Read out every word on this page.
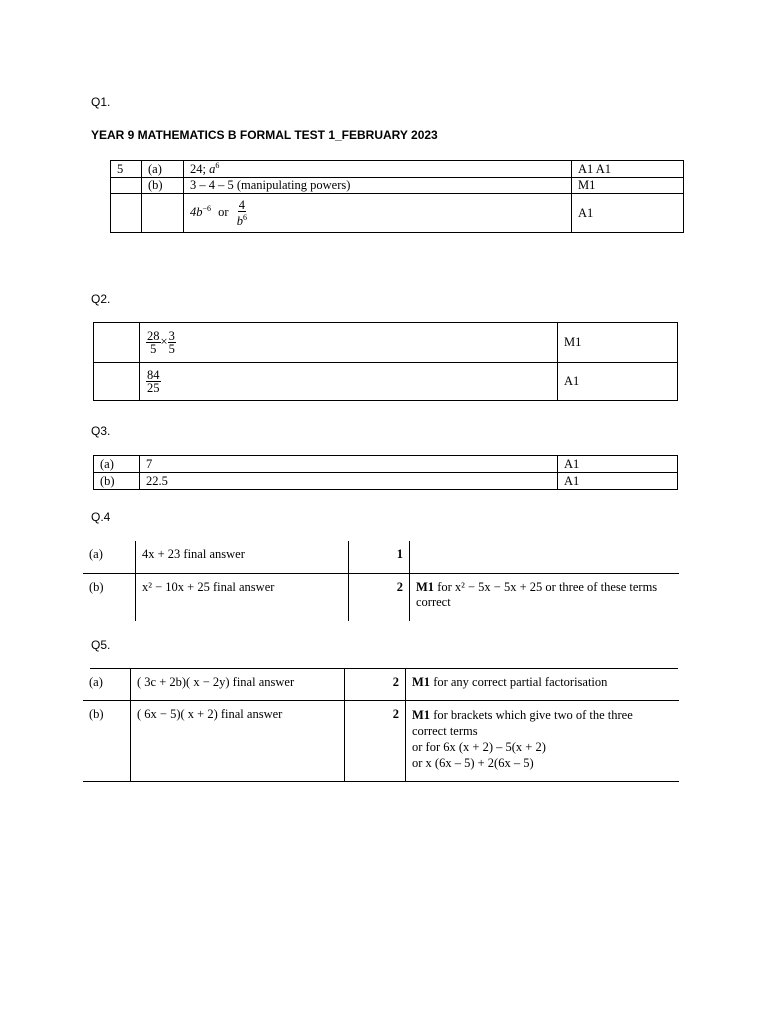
Q1.
YEAR 9 MATHEMATICS B FORMAL TEST 1_FEBRUARY 2023
5	(a)	24; $a^6$	A1 A1
	(b)	3 – 4 – 5 (manipulating powers)	M1
		$4b^{-6}$ or $\frac{4}{b^6}$	A1
Q2.

	$\frac{28}{5} \times \frac{3}{5}$	M1

	$\frac{84}{25}$	A1
Q3.
(a)	7	A1
(b)	22.5	A1
Q.4
(a)	4x + 23 final answer	1	
(b)	x² − 10x + 25 final answer	2	M1 for x² − 5x − 5x + 25 or three of these terms correct
Q5.
(a)	( 3c + 2b)( x − 2y) final answer	2	M1 for any correct partial factorisation
(b)	( 6x − 5)( x + 2) final answer	2	M1 for brackets which give two of the three
correct terms
or for 6x (x + 2) – 5(x + 2)
or x (6x – 5) + 2(6x – 5)
